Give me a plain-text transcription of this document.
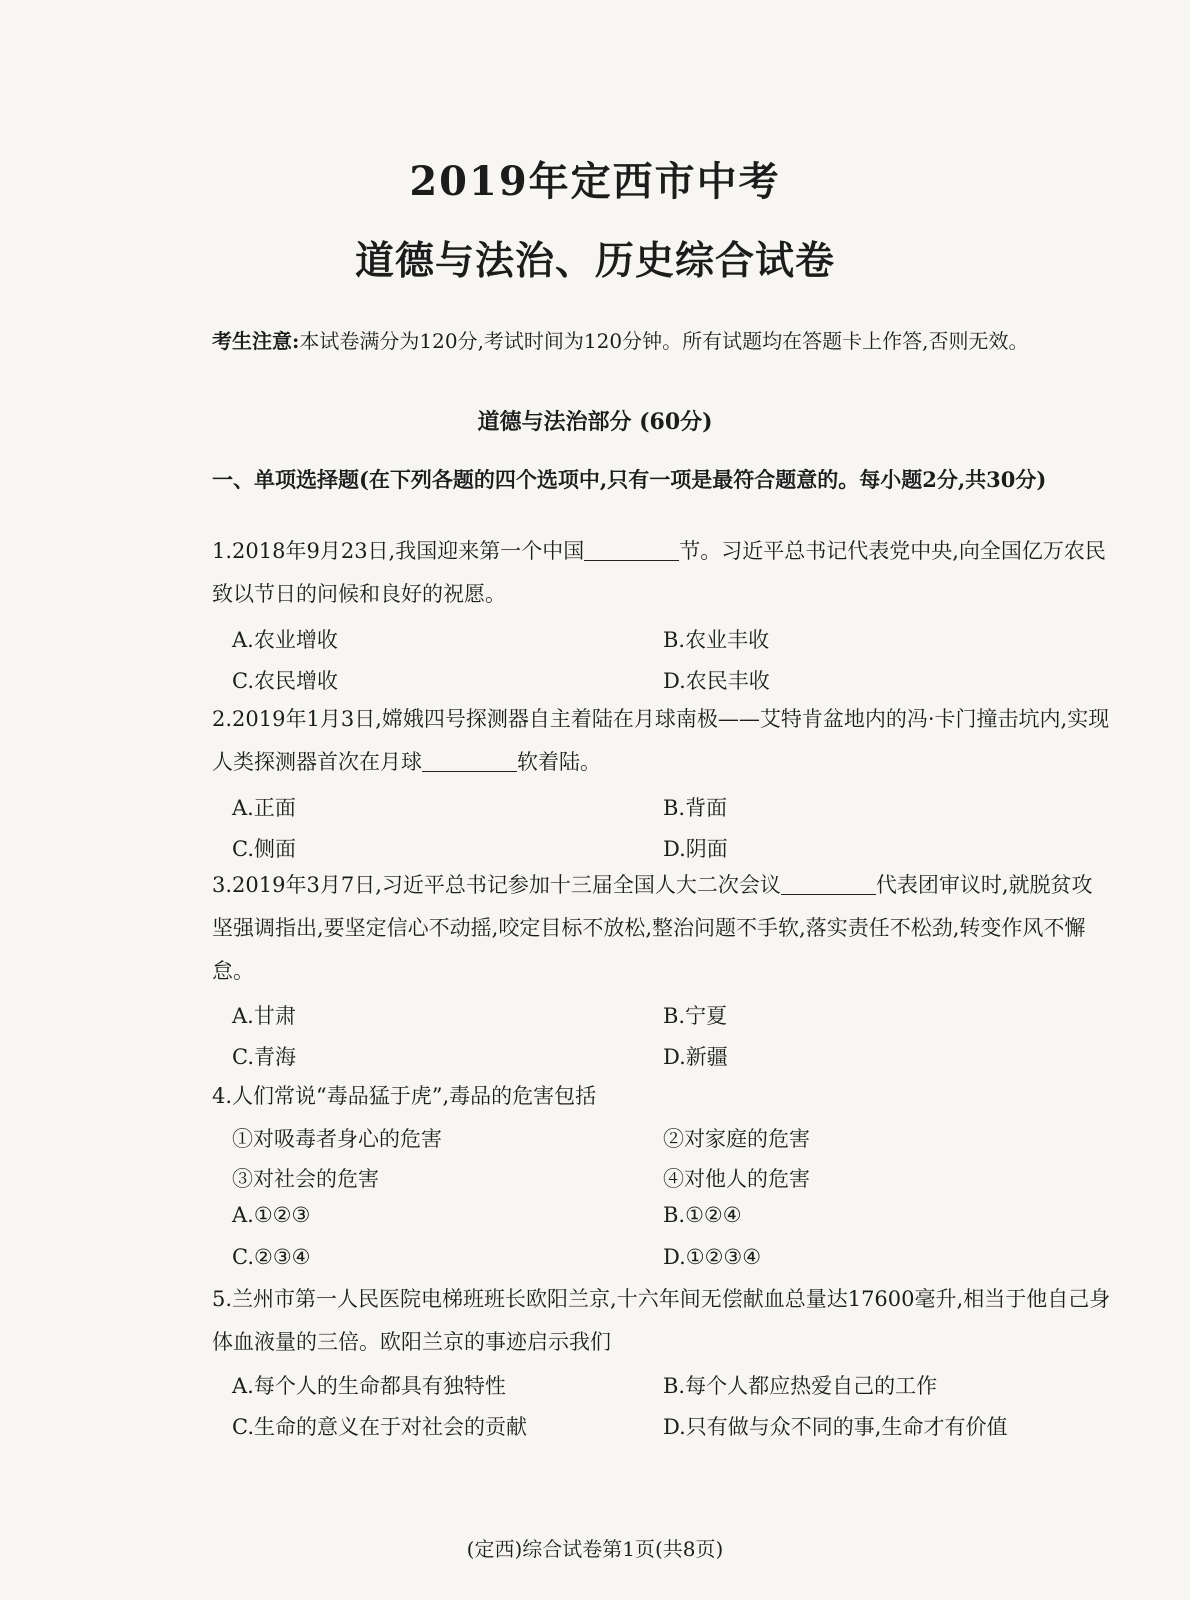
2019年定西市中考
道德与法治、历史综合试卷
考生注意:本试卷满分为120分,考试时间为120分钟。所有试题均在答题卡上作答,否则无效。
道德与法治部分 (60分)
一、单项选择题(在下列各题的四个选项中,只有一项是最符合题意的。每小题2分,共30分)
1.2018年9月23日,我国迎来第一个中国	节。习近平总书记代表党中央,向全国亿万农民致以节日的问候和良好的祝愿。
A.农业增收	B.农业丰收
C.农民增收	D.农民丰收
2.2019年1月3日,嫦娥四号探测器自主着陆在月球南极——艾特肯盆地内的冯·卡门撞击坑内,实现人类探测器首次在月球	软着陆。
A.正面	B.背面
C.侧面	D.阴面
3.2019年3月7日,习近平总书记参加十三届全国人大二次会议	代表团审议时,就脱贫攻坚强调指出,要坚定信心不动摇,咬定目标不放松,整治问题不手软,落实责任不松劲,转变作风不懈怠。
A.甘肃	B.宁夏
C.青海	D.新疆
4.人们常说“毒品猛于虎”,毒品的危害包括
①对吸毒者身心的危害	②对家庭的危害
③对社会的危害	④对他人的危害
A.①②③	B.①②④
C.②③④	D.①②③④
5.兰州市第一人民医院电梯班班长欧阳兰京,十六年间无偿献血总量达17600毫升,相当于他自己身体血液量的三倍。欧阳兰京的事迹启示我们
A.每个人的生命都具有独特性	B.每个人都应热爱自己的工作
C.生命的意义在于对社会的贡献	D.只有做与众不同的事,生命才有价值
(定西)综合试卷第1页(共8页)
